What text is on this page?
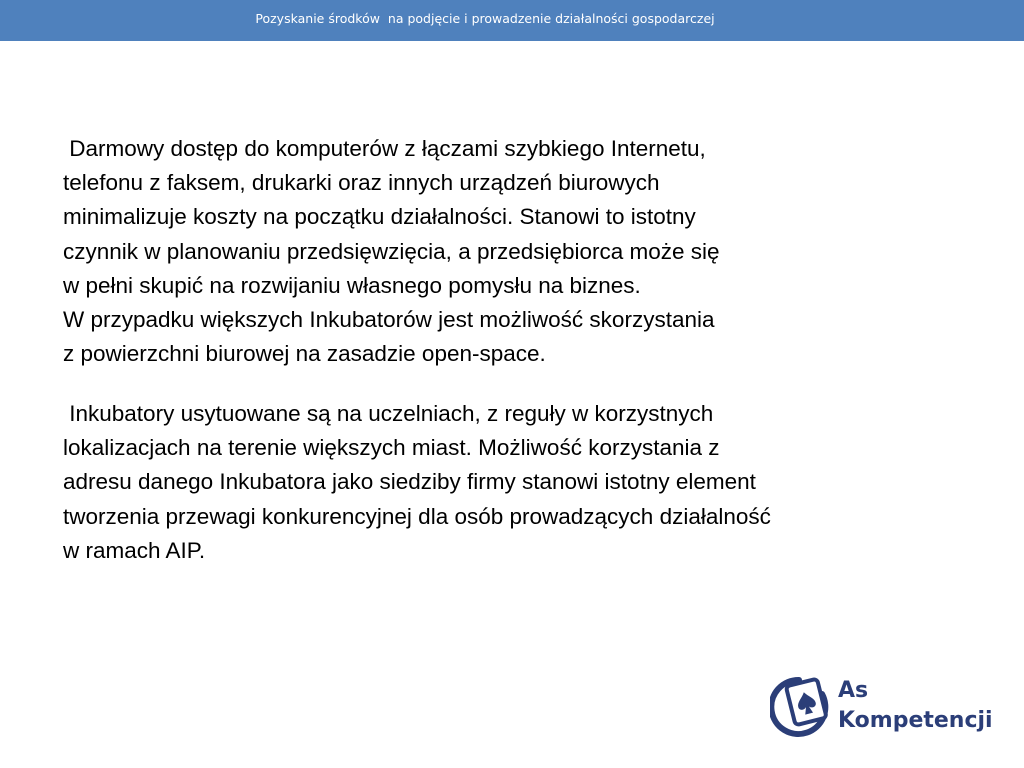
Pozyskanie środków  na podjęcie i prowadzenie działalności gospodarczej
Darmowy dostęp do komputerów z łączami szybkiego Internetu,
telefonu z faksem, drukarki oraz innych urządzeń biurowych
minimalizuje koszty na początku działalności. Stanowi to istotny
czynnik w planowaniu przedsięwzięcia, a przedsiębiorca może się
w pełni skupić na rozwijaniu własnego pomysłu na biznes.
W przypadku większych Inkubatorów jest możliwość skorzystania
z powierzchni biurowej na zasadzie open-space.
Inkubatory usytuowane są na uczelniach, z reguły w korzystnych
lokalizacjach na terenie większych miast. Możliwość korzystania z
adresu danego Inkubatora jako siedziby firmy stanowi istotny element
tworzenia przewagi konkurencyjnej dla osób prowadzących działalność
w ramach AIP.
As
Kompetencji
